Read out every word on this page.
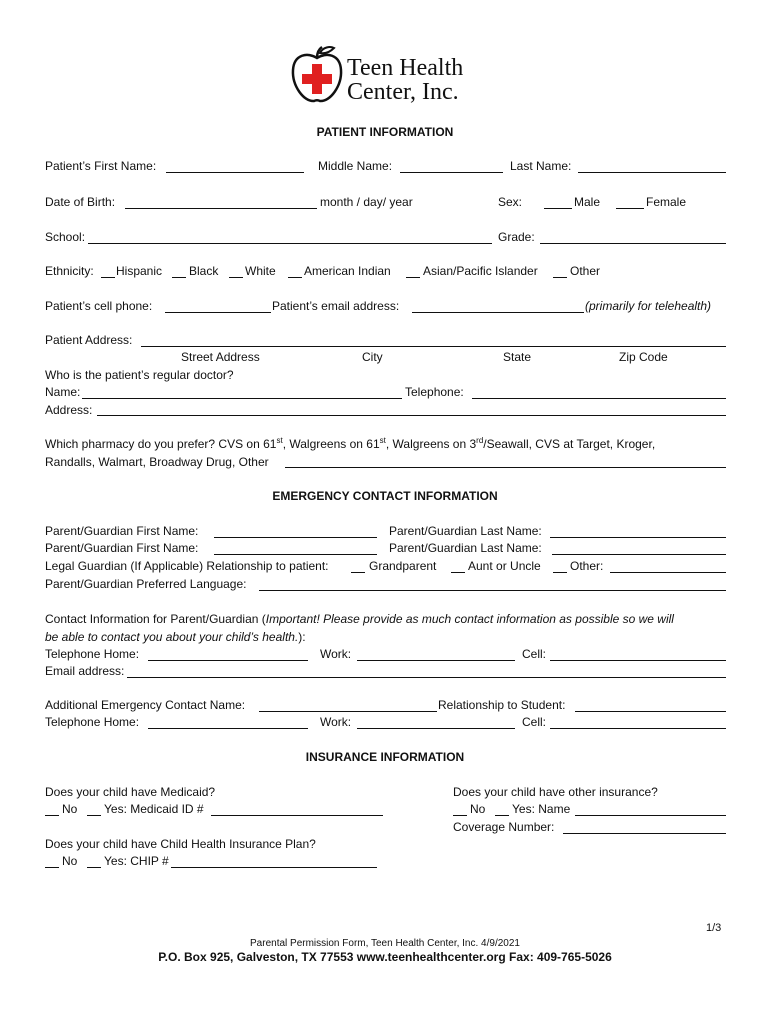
Teen Health
Center, Inc.
PATIENT INFORMATION
Patient’s First Name:	Middle Name:	Last Name:
Date of Birth:	month / day/ year	Sex:	Male	Female
School:	Grade:
Ethnicity: Hispanic Black White American Indian	Asian/Pacific Islander	Other
Patient’s cell phone:	Patient’s email address:	(primarily for telehealth)
Patient Address:
Street Address	City	State	Zip Code
Who is the patient’s regular doctor?
Name:	Telephone:
Address:
Which pharmacy do you prefer? CVS on 61st, Walgreens on 61st, Walgreens on 3rd/Seawall, CVS at Target, Kroger,
Randalls, Walmart, Broadway Drug, Other
EMERGENCY CONTACT INFORMATION
Parent/Guardian First Name:	Parent/Guardian Last Name:
Parent/Guardian First Name:	Parent/Guardian Last Name:
Legal Guardian (If Applicable) Relationship to patient:	Grandparent	Aunt or Uncle Other:
Parent/Guardian Preferred Language:
Contact Information for Parent/Guardian (Important! Please provide as much contact information as possible so we will
be able to contact you about your child’s health.):
Telephone Home:	Work:	Cell:
Email address:
Additional Emergency Contact Name:	Relationship to Student:
Telephone Home:	Work:	Cell:
INSURANCE INFORMATION
Does your child have Medicaid?
No Yes: Medicaid ID #
Does your child have other insurance?
No Yes: Name
Coverage Number:
Does your child have Child Health Insurance Plan?
No Yes: CHIP #
1/3
Parental Permission Form, Teen Health Center, Inc. 4/9/2021
P.O. Box 925, Galveston, TX 77553 www.teenhealthcenter.org Fax: 409-765-5026
